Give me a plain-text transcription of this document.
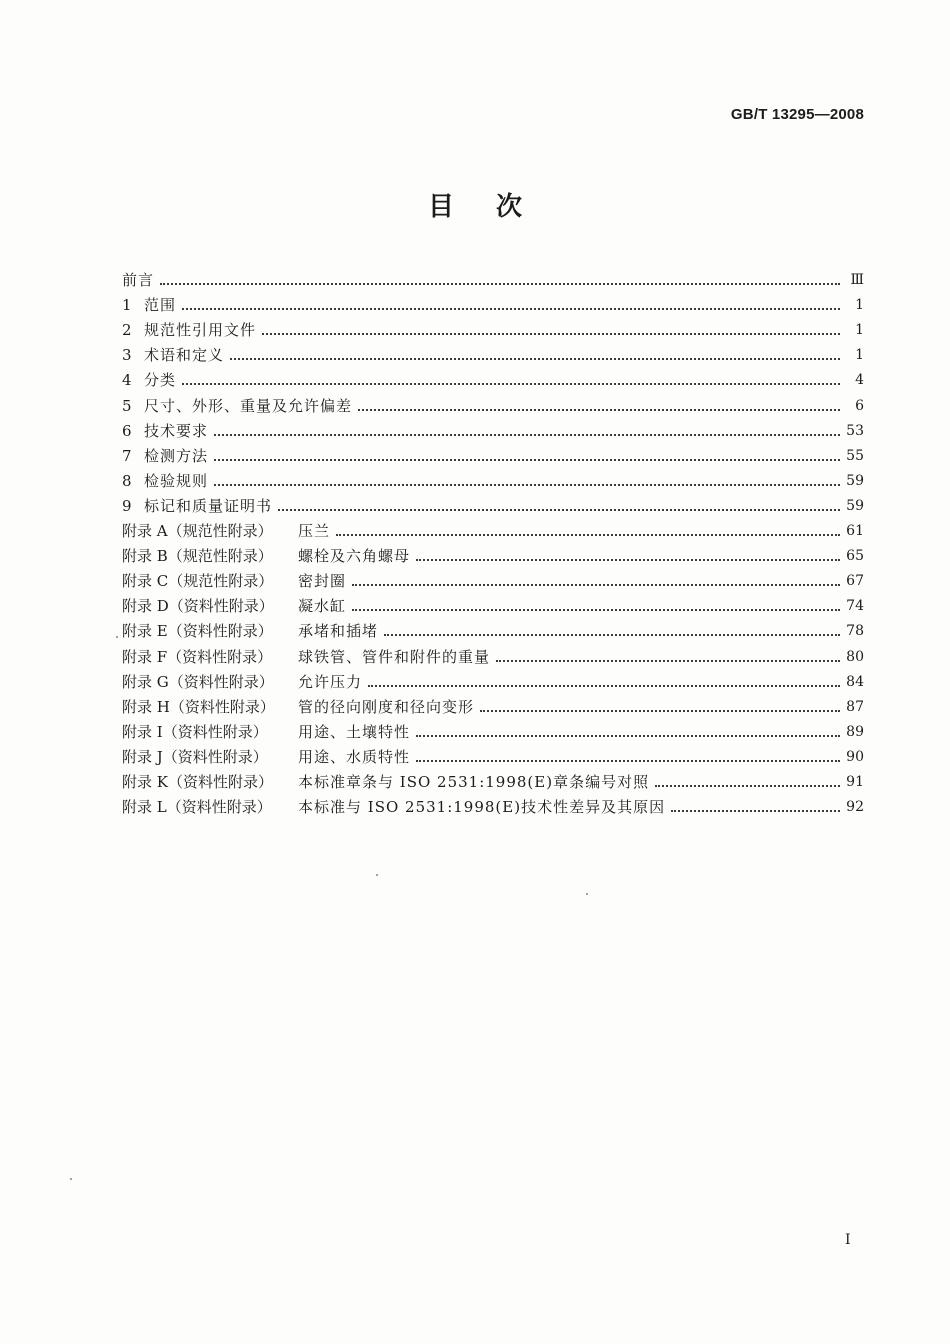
GB/T 13295—2008
目次
前言	Ⅲ
1 范围	1
2 规范性引用文件	1
3 术语和定义	1
4 分类	4
5 尺寸、外形、重量及允许偏差	6
6 技术要求	53
7 检测方法	55
8 检验规则	59
9 标记和质量证明书	59
附录 A（规范性附录）	压兰	61
附录 B（规范性附录）	螺栓及六角螺母	65
附录 C（规范性附录）	密封圈	67
附录 D（资料性附录）	凝水缸	74
附录 E（资料性附录）	承堵和插堵	78
附录 F（资料性附录）	球铁管、管件和附件的重量	80
附录 G（资料性附录）	允许压力	84
附录 H（资料性附录）	管的径向刚度和径向变形	87
附录 I（资料性附录）	用途、土壤特性	89
附录 J（资料性附录）	用途、水质特性	90
附录 K（资料性附录）	本标准章条与 ISO 2531:1998(E)章条编号对照	91
附录 L（资料性附录）	本标准与 ISO 2531:1998(E)技术性差异及其原因	92
I
